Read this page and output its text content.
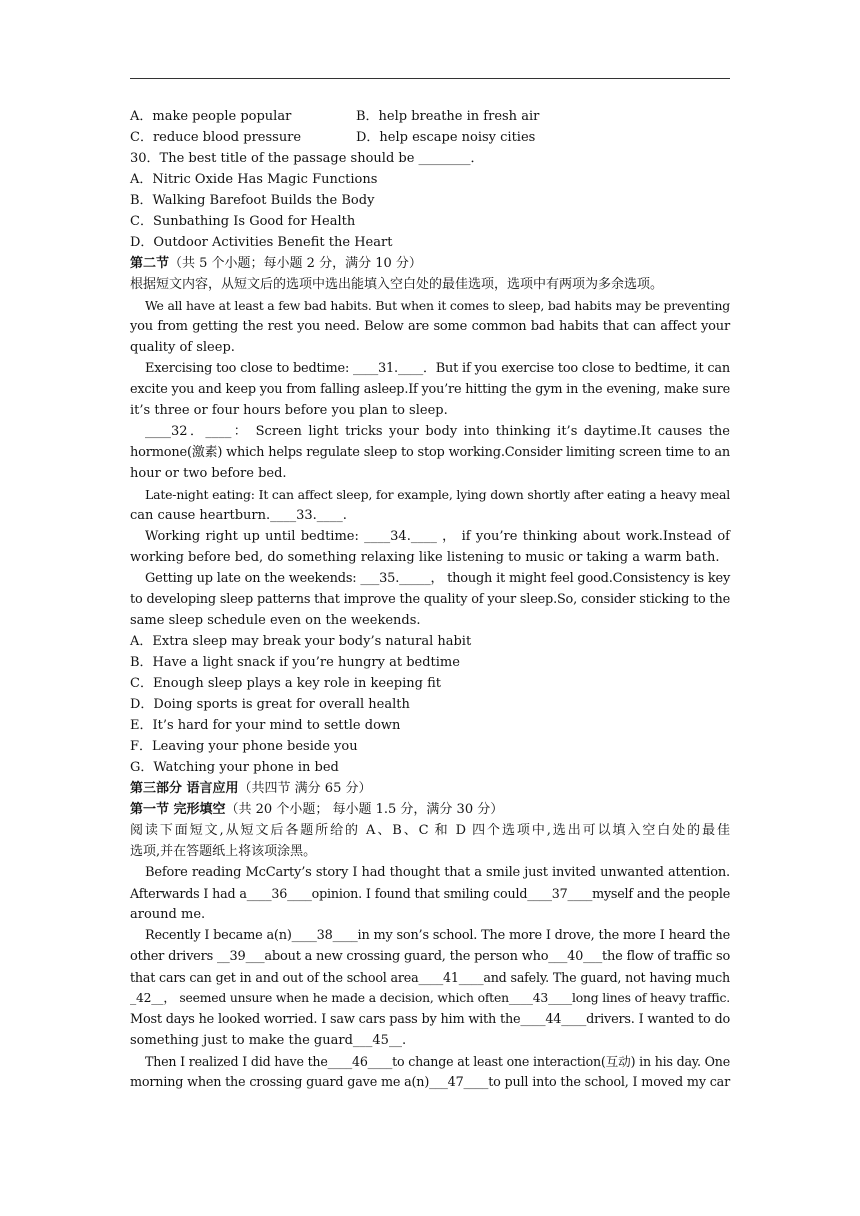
A．make people popular	B．help breathe in fresh air
C．reduce blood pressure	D．help escape noisy cities
30．The best title of the passage should be ________．
A．Nitric Oxide Has Magic Functions
B．Walking Barefoot Builds the Body
C．Sunbathing Is Good for Health
D．Outdoor Activities Benefit the Heart
第二节（共 5 个小题；每小题 2 分，满分 10 分）
根据短文内容，从短文后的选项中选出能填入空白处的最佳选项，选项中有两项为多余选项。
We all have at least a few bad habits. But when it comes to sleep, bad habits may be preventing
you from getting the rest you need. Below are some common bad habits that can affect your
quality of sleep.
Exercising too close to bedtime: ____31.____．But if you exercise too close to bedtime, it can
excite you and keep you from falling asleep.If you’re hitting the gym in the evening, make sure
it’s three or four hours before you plan to sleep.
____32．____： Screen light tricks your body into thinking it’s daytime.It causes the
hormone(激素) which helps regulate sleep to stop working.Consider limiting screen time to an
hour or two before bed.
Late-night eating: It can affect sleep, for example, lying down shortly after eating a heavy meal
can cause heartburn.____33.____.
Working right up until bedtime: ____34.____ ， if you’re thinking about work.Instead of
working before bed, do something relaxing like listening to music or taking a warm bath.
Getting up late on the weekends: ___35._____， though it might feel good.Consistency is key
to developing sleep patterns that improve the quality of your sleep.So, consider sticking to the
same sleep schedule even on the weekends.
A．Extra sleep may break your body’s natural habit
B．Have a light snack if you’re hungry at bedtime
C．Enough sleep plays a key role in keeping fit
D．Doing sports is great for overall health
E．It’s hard for your mind to settle down
F．Leaving your phone beside you
G．Watching your phone in bed
第三部分 语言应用（共四节 满分 65 分）
第一节 完形填空（共 20 个小题； 每小题 1.5 分，满分 30 分）
阅读下面短文,从短文后各题所给的 A、B、C 和 D 四个选项中,选出可以填入空白处的最佳
选项,并在答题纸上将该项涂黑。
Before reading McCarty’s story I had thought that a smile just invited unwanted attention.
Afterwards I had a____36____opinion. I found that smiling could____37____myself and the people
around me.
Recently I became a(n)____38____in my son’s school. The more I drove, the more I heard the
other drivers __39___about a new crossing guard, the person who___40___the flow of traffic so
that cars can get in and out of the school area____41____and safely. The guard, not having much
_42__， seemed unsure when he made a decision, which often____43____long lines of heavy traffic.
Most days he looked worried. I saw cars pass by him with the____44____drivers. I wanted to do
something just to make the guard___45__.
Then I realized I did have the____46____to change at least one interaction(互动) in his day. One
morning when the crossing guard gave me a(n)___47____to pull into the school, I moved my car
